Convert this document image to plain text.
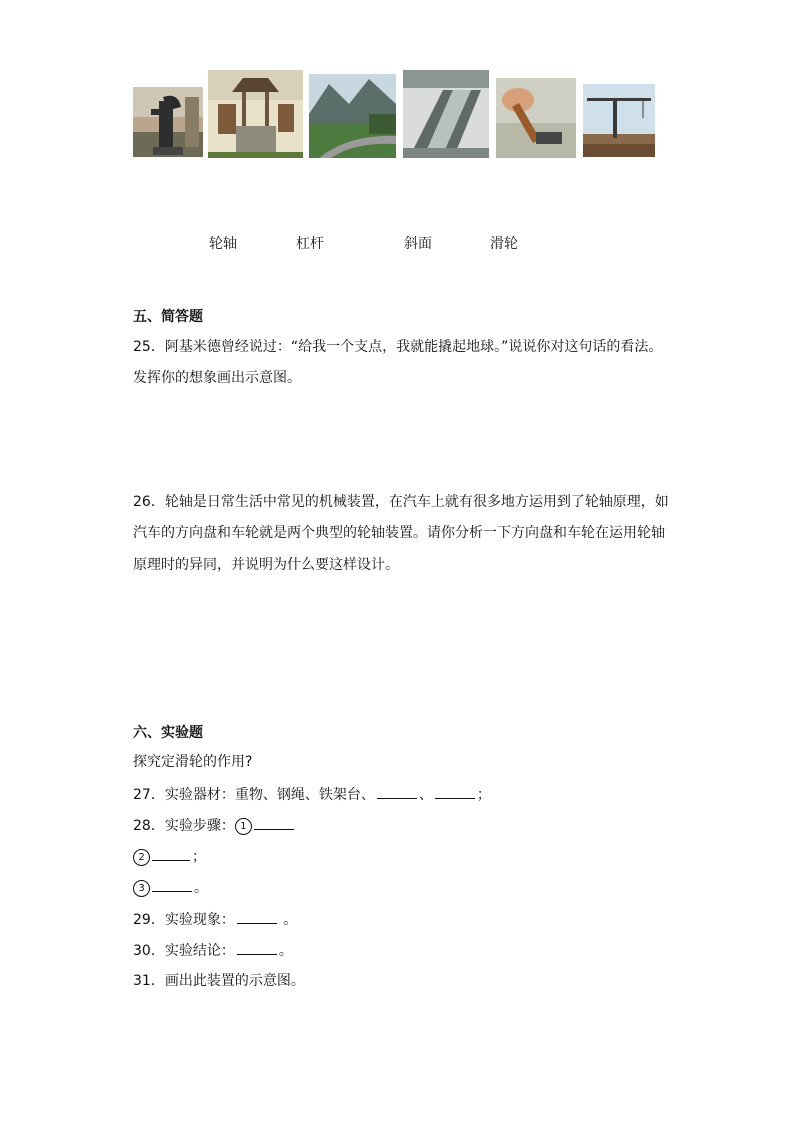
轮轴	杠杆	斜面	滑轮
五、简答题
25．阿基米德曾经说过：“给我一个支点，我就能撬起地球。”说说你对这句话的看法。
发挥你的想象画出示意图。
26．轮轴是日常生活中常见的机械装置，在汽车上就有很多地方运用到了轮轴原理，如
汽车的方向盘和车轮就是两个典型的轮轴装置。请你分析一下方向盘和车轮在运用轮轴
原理时的异同，并说明为什么要这样设计。
六、实验题
探究定滑轮的作用?
27．实验器材：重物、钢绳、铁架台、	、	；
28．实验步骤： 1
2	；
3	。
29．实验现象：	。
30．实验结论：	。
31．画出此装置的示意图。
